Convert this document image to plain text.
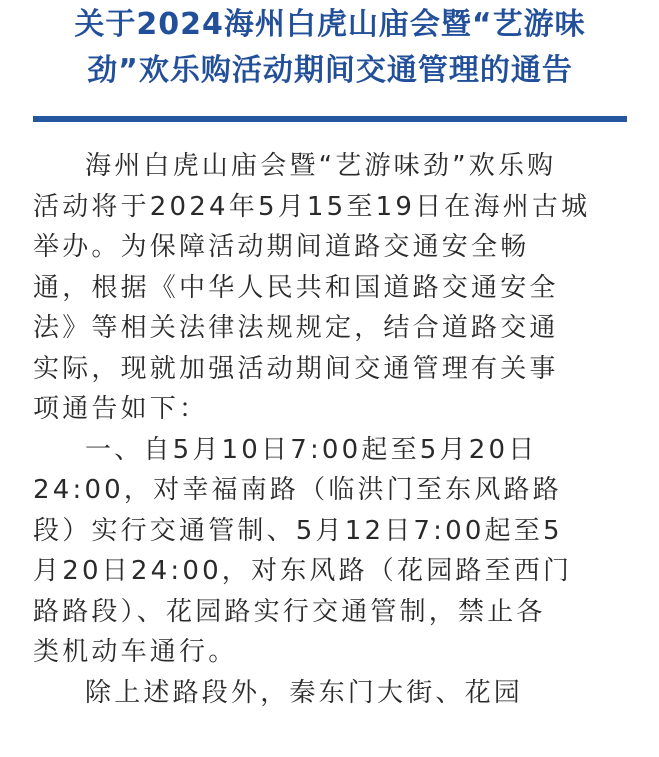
关于2024海州白虎山庙会暨“艺游味
劲”欢乐购活动期间交通管理的通告
海州白虎山庙会暨“艺游味劲”欢乐购
活动将于2024年5月15至19日在海州古城
举办。为保障活动期间道路交通安全畅
通，根据《中华人民共和国道路交通安全
法》等相关法律法规规定，结合道路交通
实际，现就加强活动期间交通管理有关事
项通告如下：
一、自5月10日7:00起至5月20日
24:00，对幸福南路（临洪门至东风路路
段）实行交通管制、5月12日7:00起至5
月20日24:00，对东风路（花园路至西门
路路段）、花园路实行交通管制，禁止各
类机动车通行。
除上述路段外，秦东门大街、花园
